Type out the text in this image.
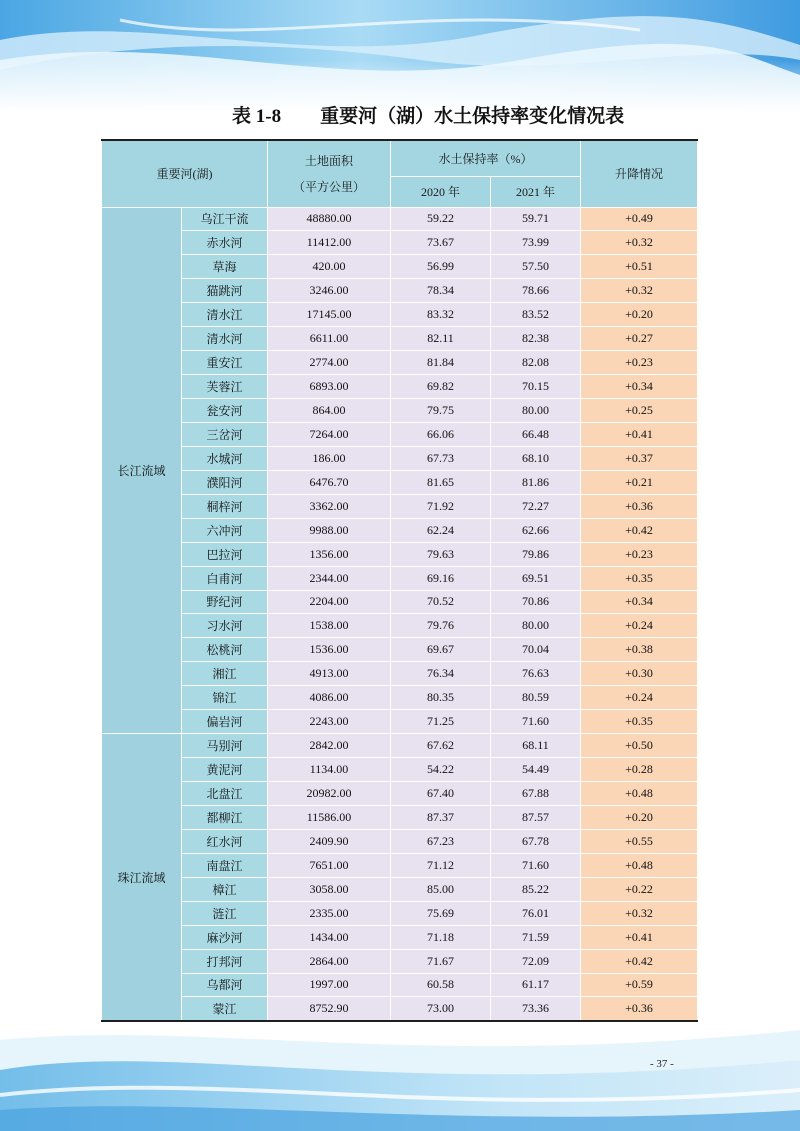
表 1-8 重要河（湖）水土保持率变化情况表
重要河(湖)		土地面积
（平方公里）	水土保持率（%）		升降情况
			2020 年	2021 年	
长江流域	乌江干流	48880.00	59.22	59.71	+0.49
	赤水河	11412.00	73.67	73.99	+0.32
	草海	420.00	56.99	57.50	+0.51
	猫跳河	3246.00	78.34	78.66	+0.32
	清水江	17145.00	83.32	83.52	+0.20
	清水河	6611.00	82.11	82.38	+0.27
	重安江	2774.00	81.84	82.08	+0.23
	芙蓉江	6893.00	69.82	70.15	+0.34
	瓮安河	864.00	79.75	80.00	+0.25
	三岔河	7264.00	66.06	66.48	+0.41
	水城河	186.00	67.73	68.10	+0.37
	濮阳河	6476.70	81.65	81.86	+0.21
	桐梓河	3362.00	71.92	72.27	+0.36
	六冲河	9988.00	62.24	62.66	+0.42
	巴拉河	1356.00	79.63	79.86	+0.23
	白甫河	2344.00	69.16	69.51	+0.35
	野纪河	2204.00	70.52	70.86	+0.34
	习水河	1538.00	79.76	80.00	+0.24
	松桃河	1536.00	69.67	70.04	+0.38
	湘江	4913.00	76.34	76.63	+0.30
	锦江	4086.00	80.35	80.59	+0.24
	偏岩河	2243.00	71.25	71.60	+0.35
珠江流域	马别河	2842.00	67.62	68.11	+0.50
	黄泥河	1134.00	54.22	54.49	+0.28
	北盘江	20982.00	67.40	67.88	+0.48
	都柳江	11586.00	87.37	87.57	+0.20
	红水河	2409.90	67.23	67.78	+0.55
	南盘江	7651.00	71.12	71.60	+0.48
	樟江	3058.00	85.00	85.22	+0.22
	涟江	2335.00	75.69	76.01	+0.32
	麻沙河	1434.00	71.18	71.59	+0.41
	打邦河	2864.00	71.67	72.09	+0.42
	乌都河	1997.00	60.58	61.17	+0.59
	蒙江	8752.90	73.00	73.36	+0.36
- 37 -
